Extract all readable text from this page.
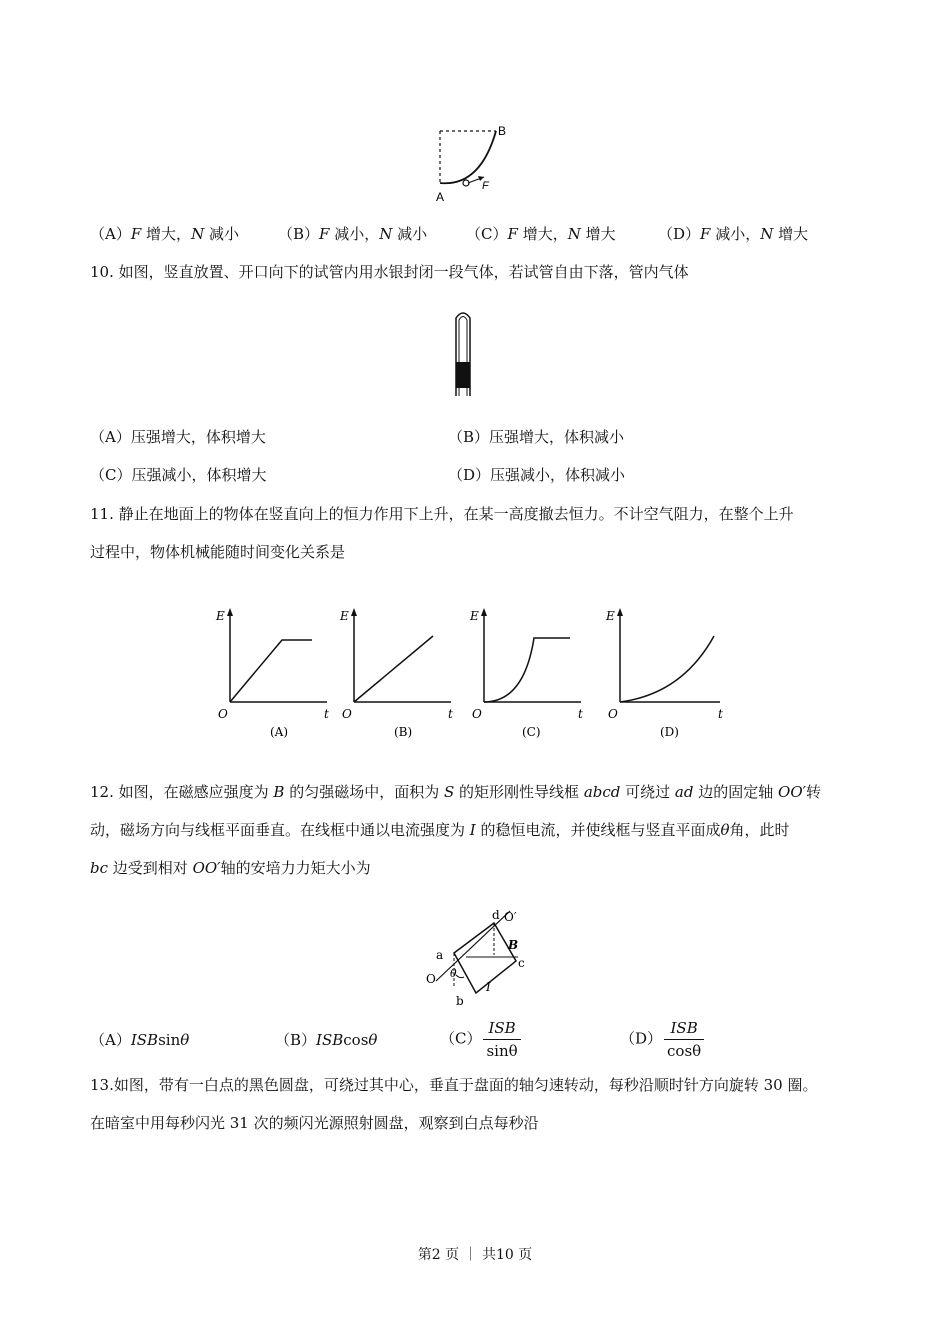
B
A
F
（A）F 增大，N 减小	（B）F 减小，N 减小	（C）F 增大，N 增大	（D）F 减小，N 增大
10. 如图，竖直放置、开口向下的试管内用水银封闭一段气体，若试管自由下落，管内气体
（A）压强增大，体积增大	（B）压强增大，体积减小
（C）压强减小，体积增大	（D）压强减小，体积减小
11. 静止在地面上的物体在竖直向上的恒力作用下上升，在某一高度撤去恒力。不计空气阻力，在整个上升
过程中，物体机械能随时间变化关系是
E
t
O
(A)
E
t
O
(B)
E
t
O
(C)
E
t
O
(D)
12. 如图，在磁感应强度为 B 的匀强磁场中，面积为 S 的矩形刚性导线框 abcd 可绕过 ad 边的固定轴 OO′转
动，磁场方向与线框平面垂直。在线框中通以电流强度为 I 的稳恒电流，并使线框与竖直平面成θ角，此时
bc 边受到相对 OO′轴的安培力力矩大小为
a
d
c
b
O
O′
B
I
θ
（A）ISBsinθ	（B）ISBcosθ	$(C) \frac{\text{ISB}}{\sin\theta}$	$(D) \frac{\text{ISB}}{\cos\theta}$
13.如图，带有一白点的黑色圆盘，可绕过其中心，垂直于盘面的轴匀速转动，每秒沿顺时针方向旋转 30 圈。
在暗室中用每秒闪光 31 次的频闪光源照射圆盘，观察到白点每秒沿
第2 页 ｜ 共10 页
